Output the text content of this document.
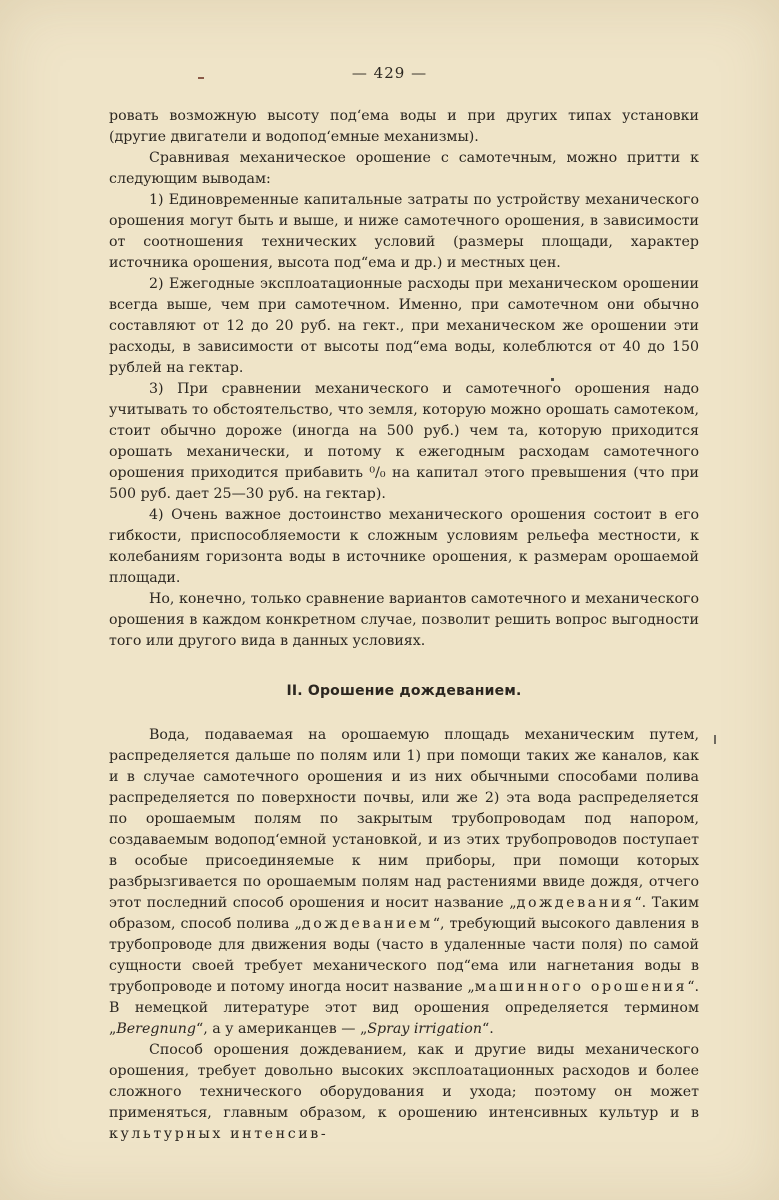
— 429 —

ровать возможную высоту под‘ема воды и при других типах установки (другие двигатели и водопод‘емные механизмы).

Сравнивая механическое орошение с самотечным, можно притти к следующим выводам:

1) Единовременные капитальные затраты по устройству механического орошения могут быть и выше, и ниже самотечного орошения, в зависимости от соотношения технических условий (размеры площади, характер источника орошения, высота под“ема и др.) и местных цен.

2) Ежегодные эксплоатационные расходы при механическом орошении всегда выше, чем при самотечном. Именно, при самотечном они обычно составляют от 12 до 20 руб. на гект., при механическом же орошении эти расходы, в зависимости от высоты под“ема воды, колеблются от 40 до 150 рублей на гектар.

3) При сравнении механического и самотечного орошения надо учитывать то обстоятельство, что земля, которую можно орошать самотеком, стоит обычно дороже (иногда на 500 руб.) чем та, которую приходится орошать механически, и потому к ежегодным расходам самотечного орошения приходится прибавить ⁰/₀ на капитал этого превышения (что при 500 руб. дает 25—30 руб. на гектар).

4) Очень важное достоинство механического орошения состоит в его гибкости, приспособляемости к сложным условиям рельефа местности, к колебаниям горизонта воды в источнике орошения, к размерам орошаемой площади.

Но, конечно, только сравнение вариантов самотечного и механического орошения в каждом конкретном случае, позволит решить вопрос выгодности того или другого вида в данных условиях.

II. Орошение дождеванием.

Вода, подаваемая на орошаемую площадь механическим путем, распределяется дальше по полям или 1) при помощи таких же каналов, как и в случае самотечного орошения и из них обычными способами полива распределяется по поверхности почвы, или же 2) эта вода распределяется по орошаемым полям по закрытым трубопроводам под напором, создаваемым водопод‘емной установкой, и из этих трубопроводов поступает в особые присоединяемые к ним приборы, при помощи которых разбрызгивается по орошаемым полям над растениями ввиде дождя, отчего этот последний способ орошения и носит название „дождевания“. Таким образом, способ полива „дождеванием“, требующий высокого давления в трубопроводе для движения воды (часто в удаленные части поля) по самой сущности своей требует механического под“ема или нагнетания воды в трубопроводе и потому иногда носит название „машинного орошения“. В немецкой литературе этот вид орошения определяется термином „Beregnung“, а у американцев — „Spray irrigation“.

Способ орошения дождеванием, как и другие виды механического орошения, требует довольно высоких эксплоатационных расходов и более сложного технического оборудования и ухода; поэтому он может применяться, главным образом, к орошению интенсивных культур и в культурных интенсив-
